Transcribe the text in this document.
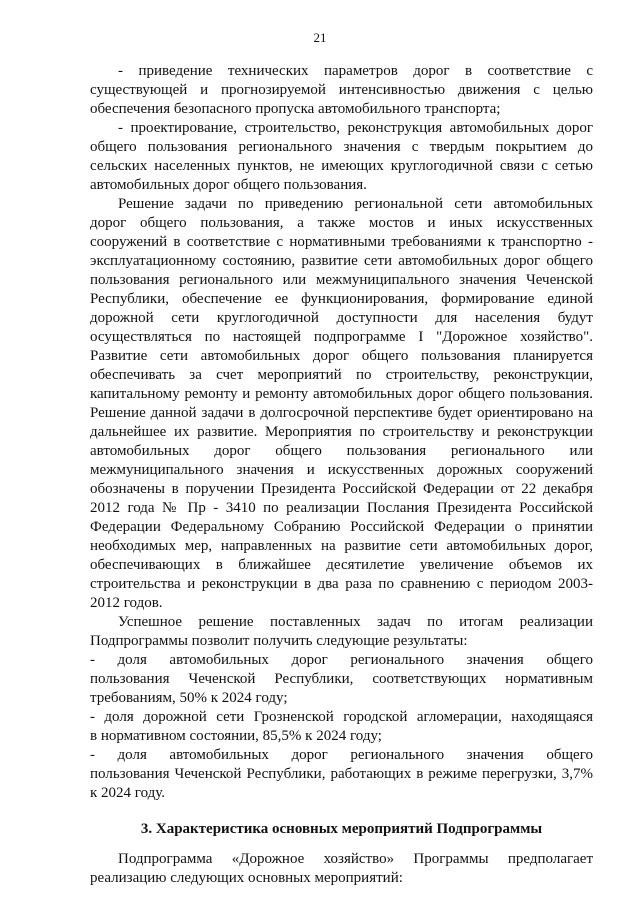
21
- приведение технических параметров дорог в соответствие с
существующей и прогнозируемой интенсивностью движения с целью
обеспечения безопасного пропуска автомобильного транспорта;
- проектирование, строительство, реконструкция автомобильных дорог
общего пользования регионального значения с твердым покрытием до
сельских населенных пунктов, не имеющих круглогодичной связи с сетью
автомобильных дорог общего пользования.
Решение задачи по приведению региональной сети автомобильных
дорог общего пользования, а также мостов и иных искусственных
сооружений в соответствие с нормативными требованиями к транспортно -
эксплуатационному состоянию, развитие сети автомобильных дорог общего
пользования регионального или межмуниципального значения Чеченской
Республики, обеспечение ее функционирования, формирование единой
дорожной сети круглогодичной доступности для населения будут
осуществляться по настоящей подпрограмме I "Дорожное хозяйство".
Развитие сети автомобильных дорог общего пользования планируется
обеспечивать за счет мероприятий по строительству, реконструкции,
капитальному ремонту и ремонту автомобильных дорог общего пользования.
Решение данной задачи в долгосрочной перспективе будет ориентировано на
дальнейшее их развитие. Мероприятия по строительству и реконструкции
автомобильных дорог общего пользования регионального или
межмуниципального значения и искусственных дорожных сооружений
обозначены в поручении Президента Российской Федерации от 22 декабря
2012 года № Пр - 3410 по реализации Послания Президента Российской
Федерации Федеральному Собранию Российской Федерации о принятии
необходимых мер, направленных на развитие сети автомобильных дорог,
обеспечивающих в ближайшее десятилетие увеличение объемов их
строительства и реконструкции в два раза по сравнению с периодом 2003-
2012 годов.
Успешное решение поставленных задач по итогам реализации
Подпрограммы позволит получить следующие результаты:
- доля автомобильных дорог регионального значения общего
пользования Чеченской Республики, соответствующих нормативным
требованиям, 50% к 2024 году;
- доля дорожной сети Грозненской городской агломерации, находящаяся
в нормативном состоянии, 85,5% к 2024 году;
- доля автомобильных дорог регионального значения общего
пользования Чеченской Республики, работающих в режиме перегрузки, 3,7%
к 2024 году.
3. Характеристика основных мероприятий Подпрограммы
Подпрограмма «Дорожное хозяйство» Программы предполагает
реализацию следующих основных мероприятий:
